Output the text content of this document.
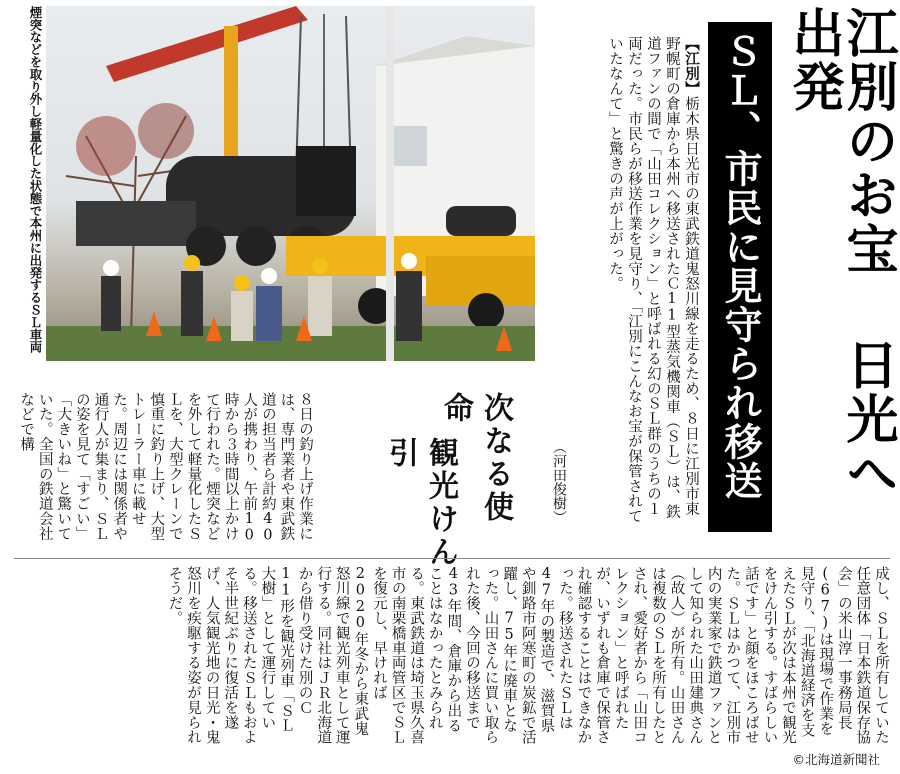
煙突などを取り外し軽量化した状態で本州に出発するＳＬ車両	江別のお宝 日光へ出発
ＳＬ、市民に見守られ移送
【江別】栃木県日光市の東武鉄道鬼怒川線を走るため、８日に江別市東野幌町の倉庫から本州へ移送されたＣ11型蒸気機関車（ＳＬ）は、鉄道ファンの間で「山田コレクション」と呼ばれる幻のＳＬ群のうちの１両だった。市民らが移送作業を見守り、「江別にこんなお宝が保管されていたなんて」と驚きの声が上がった。
（河田俊樹）
次なる使命
観光けん引
８日の釣り上げ作業には、専門業者や東武鉄道の担当者ら計約40人が携わり、午前10時から３時間以上かけて行われた。煙突などを外して軽量化したＳＬを、大型クレーンで慎重に釣り上げ、大型トレーラー車に載せた。周辺には関係者や通行人が集まり、ＳＬの姿を見て「すごい」「大きいね」と驚いていた。全国の鉄道会社などで構
成し、ＳＬを所有していた任意団体「日本鉄道保存協会」の米山淳一事務局長(67)は現場で作業を見守り、「北海道経済を支えたＳＬが次は本州で観光をけん引する。すばらしい話です」と顔をほころばせた。ＳＬはかつて、江別市内の実業家で鉄道ファンとして知られた山田建典さん（故人）が所有。山田さんは複数のＳＬを所有したとされ、愛好者から「山田コレクション」と呼ばれたが、いずれも倉庫で保管され確認することはできなかった。移送されたＳＬは47年の製造で、滋賀県や釧路市阿寒町の炭鉱で活躍し、75年に廃車となった。山田さんに買い取られた後、今回の移送まで43年間、倉庫から出ることはなかったとみられる。東武鉄道は埼玉県久喜市の南栗橋車両管区でＳＬを復元し、早ければ2020年冬から東武鬼怒川線で観光列車として運行する。同社はＪＲ北海道から借り受けた別のＣ11形を観光列車「ＳＬ大樹」として運行している。移送されたＳＬもおよそ半世紀ぶりに復活を遂げ、人気観光地の日光・鬼怒川を疾駆する姿が見られそうだ。
©北海道新聞社
